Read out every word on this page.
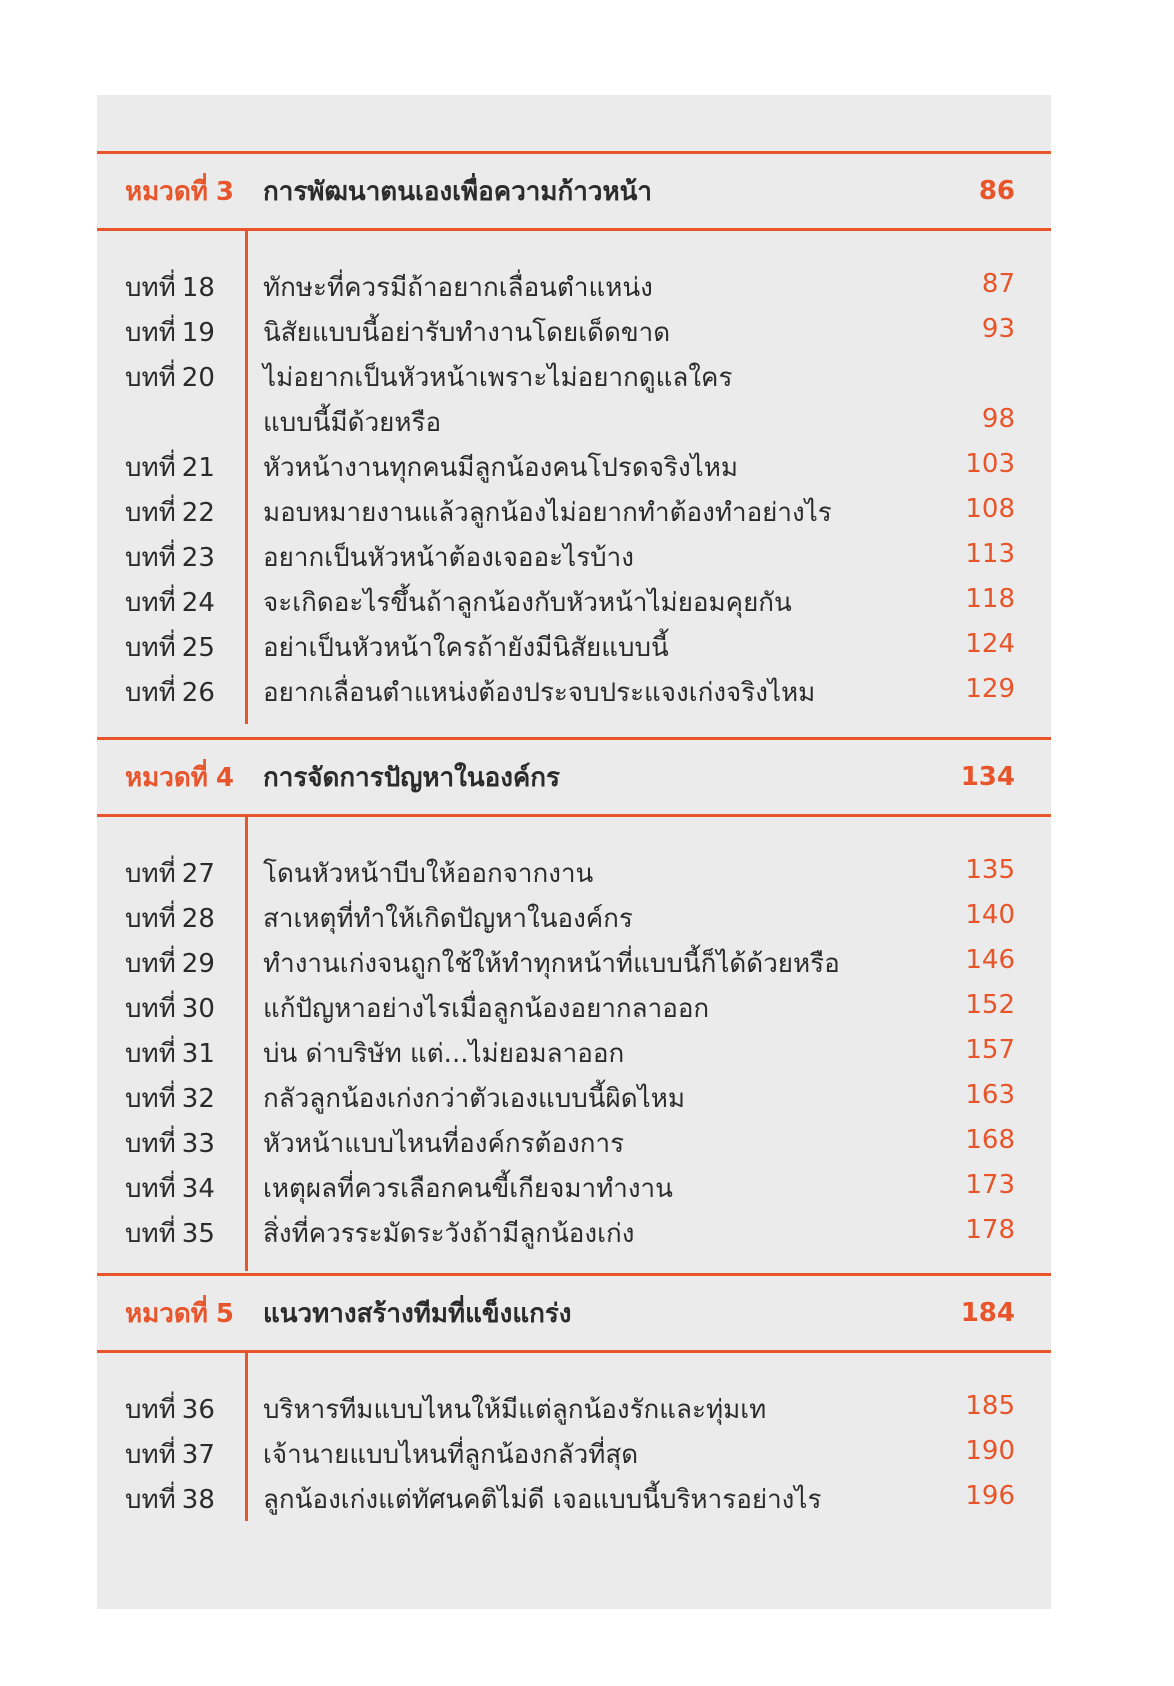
หมวดที่ 3 การพัฒนาตนเองเพื่อความก้าวหน้า	86
บทที่ 18 ทักษะที่ควรมีถ้าอยากเลื่อนตำแหน่ง	87
บทที่ 19 นิสัยแบบนี้อย่ารับทำงานโดยเด็ดขาด	93
บทที่ 20 ไม่อยากเป็นหัวหน้าเพราะไม่อยากดูแลใคร
แบบนี้มีด้วยหรือ	98
บทที่ 21 หัวหน้างานทุกคนมีลูกน้องคนโปรดจริงไหม	103
บทที่ 22 มอบหมายงานแล้วลูกน้องไม่อยากทำต้องทำอย่างไร	108
บทที่ 23 อยากเป็นหัวหน้าต้องเจออะไรบ้าง	113
บทที่ 24 จะเกิดอะไรขึ้นถ้าลูกน้องกับหัวหน้าไม่ยอมคุยกัน	118
บทที่ 25 อย่าเป็นหัวหน้าใครถ้ายังมีนิสัยแบบนี้	124
บทที่ 26 อยากเลื่อนตำแหน่งต้องประจบประแจงเก่งจริงไหม	129
หมวดที่ 4 การจัดการปัญหาในองค์กร	134
บทที่ 27 โดนหัวหน้าบีบให้ออกจากงาน	135
บทที่ 28 สาเหตุที่ทำให้เกิดปัญหาในองค์กร	140
บทที่ 29 ทำงานเก่งจนถูกใช้ให้ทำทุกหน้าที่แบบนี้ก็ได้ด้วยหรือ	146
บทที่ 30 แก้ปัญหาอย่างไรเมื่อลูกน้องอยากลาออก	152
บทที่ 31 บ่น ด่าบริษัท แต่...ไม่ยอมลาออก	157
บทที่ 32 กลัวลูกน้องเก่งกว่าตัวเองแบบนี้ผิดไหม	163
บทที่ 33 หัวหน้าแบบไหนที่องค์กรต้องการ	168
บทที่ 34 เหตุผลที่ควรเลือกคนขี้เกียจมาทำงาน	173
บทที่ 35 สิ่งที่ควรระมัดระวังถ้ามีลูกน้องเก่ง	178
หมวดที่ 5 แนวทางสร้างทีมที่แข็งแกร่ง	184
บทที่ 36 บริหารทีมแบบไหนให้มีแต่ลูกน้องรักและทุ่มเท	185
บทที่ 37 เจ้านายแบบไหนที่ลูกน้องกลัวที่สุด	190
บทที่ 38 ลูกน้องเก่งแต่ทัศนคติไม่ดี เจอแบบนี้บริหารอย่างไร	196
